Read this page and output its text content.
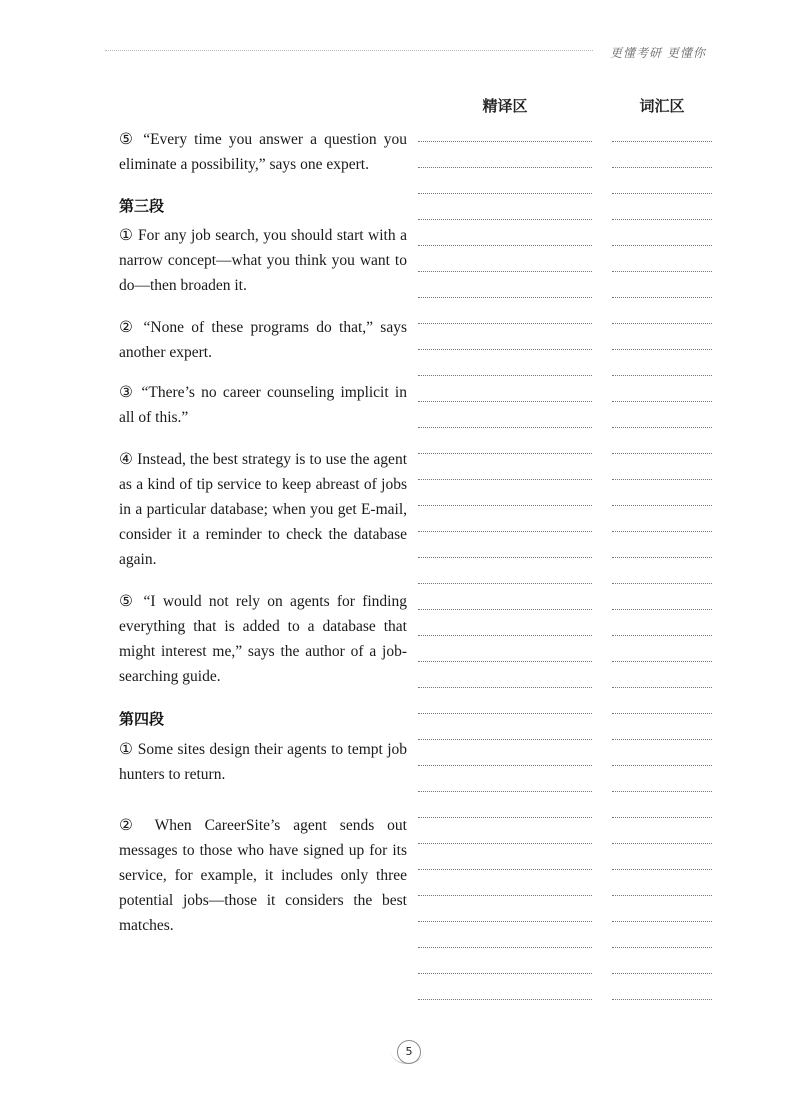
更懂考研 更懂你
精译区	词汇区

⑤ “Every time you answer a question you eliminate a possibility,” says one expert.

第三段

① For any job search, you should start with a narrow concept—what you think you want to do—then broaden it.

② “None of these programs do that,” says another expert.

③ “There’s no career counseling implicit in all of this.”

④ Instead, the best strategy is to use the agent as a kind of tip service to keep abreast of jobs in a particular database; when you get E-mail, consider it a reminder to check the database again.

⑤ “I would not rely on agents for finding everything that is added to a database that might interest me,” says the author of a job-searching guide.

第四段

① Some sites design their agents to tempt job hunters to return.

② When CareerSite’s agent sends out messages to those who have signed up for its service, for example, it includes only three potential jobs—those it considers the best matches.

5
